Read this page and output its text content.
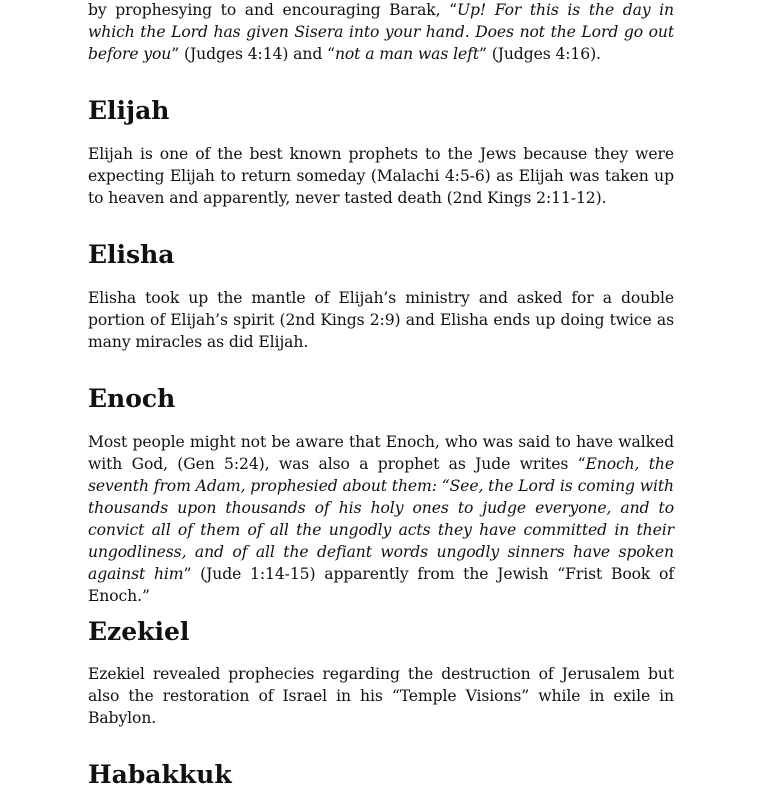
by prophesying to and encouraging Barak, “Up! For this is the day in which the Lord has given Sisera into your hand. Does not the Lord go out before you” (Judges 4:14) and “not a man was left” (Judges 4:16).

Elijah

Elijah is one of the best known prophets to the Jews because they were expecting Elijah to return someday (Malachi 4:5-6) as Elijah was taken up to heaven and apparently, never tasted death (2nd Kings 2:11-12).

Elisha

Elisha took up the mantle of Elijah’s ministry and asked for a double portion of Elijah’s spirit (2nd Kings 2:9) and Elisha ends up doing twice as many miracles as did Elijah.

Enoch

Most people might not be aware that Enoch, who was said to have walked with God, (Gen 5:24), was also a prophet as Jude writes “Enoch, the seventh from Adam, prophesied about them: “See, the Lord is coming with thousands upon thousands of his holy ones to judge everyone, and to convict all of them of all the ungodly acts they have committed in their ungodliness, and of all the defiant words ungodly sinners have spoken against him” (Jude 1:14-15) apparently from the Jewish “Frist Book of Enoch.”

Ezekiel

Ezekiel revealed prophecies regarding the destruction of Jerusalem but also the restoration of Israel in his “Temple Visions” while in exile in Babylon.

Habakkuk
